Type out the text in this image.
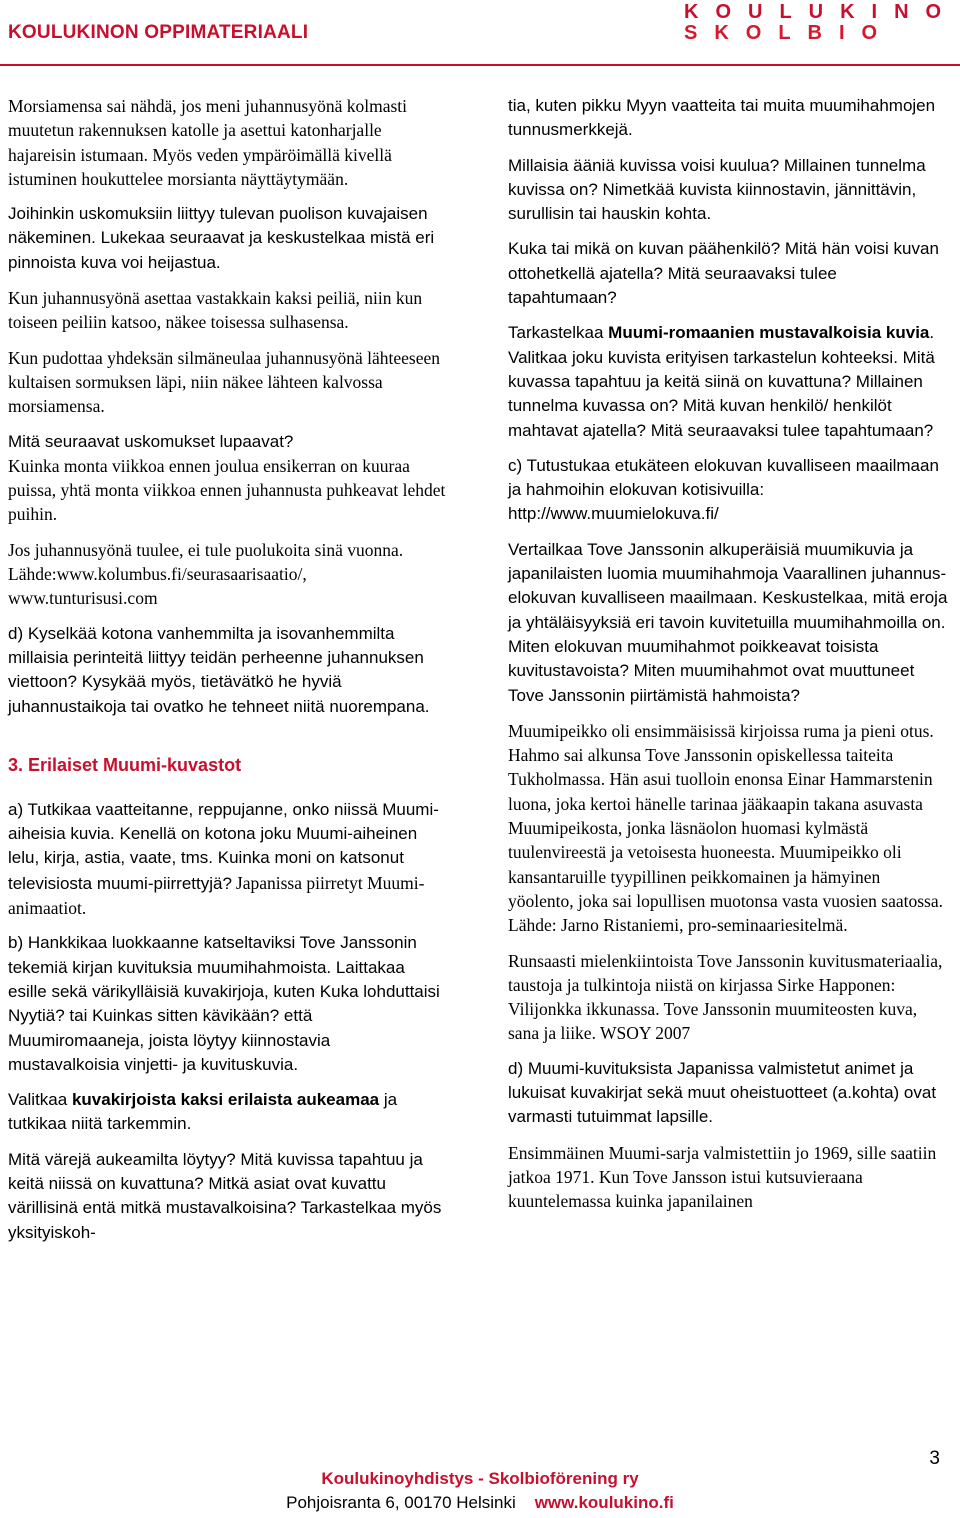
KOULUKINON OPPIMATERIAALI
KOULUKINO
SKOLBIO

Morsiamensa sai nähdä, jos meni juhannusyönä kolmasti muutetun rakennuksen katolle ja asettui katonharjalle hajareisin istumaan. Myös veden ympäröimällä kivellä istuminen houkuttelee morsianta näyttäytymään.

Joihinkin uskomuksiin liittyy tulevan puolison kuvajaisen näkeminen. Lukekaa seuraavat ja keskustelkaa mistä eri pinnoista kuva voi heijastua.

Kun juhannusyönä asettaa vastakkain kaksi peiliä, niin kun toiseen peiliin katsoo, näkee toisessa sulhasensa.

Kun pudottaa yhdeksän silmäneulaa juhannusyönä lähteeseen kultaisen sormuksen läpi, niin näkee lähteen kalvossa morsiamensa.

Mitä seuraavat uskomukset lupaavat?

Kuinka monta viikkoa ennen joulua ensikerran on kuuraa puissa, yhtä monta viikkoa ennen juhannusta puhkeavat lehdet puihin.

Jos juhannusyönä tuulee, ei tule puolukoita sinä vuonna.

Lähde:www.kolumbus.fi/seurasaarisaatio/, www.tunturisusi.com

d) Kyselkää kotona vanhemmilta ja isovanhemmilta millaisia perinteitä liittyy teidän perheenne juhannuksen viettoon? Kysykää myös, tietävätkö he hyviä juhannustaikoja tai ovatko he tehneet niitä nuorempana.

3. Erilaiset Muumi-kuvastot

a) Tutkikaa vaatteitanne, reppujanne, onko niissä Muumi-aiheisia kuvia. Kenellä on kotona joku Muumi-aiheinen lelu, kirja, astia, vaate, tms. Kuinka moni on katsonut televisiosta muumi-piirrettyjä? Japanissa piirretyt Muumi-animaatiot.

b) Hankkikaa luokkaanne katseltaviksi Tove Janssonin tekemiä kirjan kuvituksia muumihahmoista. Laittakaa esille sekä värikylläisiä kuvakirjoja, kuten Kuka lohduttaisi Nyytiä? tai Kuinkas sitten kävikään? että Muumiromaaneja, joista löytyy kiinnostavia mustavalkoisia vinjetti- ja kuvituskuvia.

Valitkaa kuvakirjoista kaksi erilaista aukeamaa ja tutkikaa niitä tarkemmin.

Mitä värejä aukeamilta löytyy? Mitä kuvissa tapahtuu ja keitä niissä on kuvattuna? Mitkä asiat ovat kuvattu värillisinä entä mitkä mustavalkoisina? Tarkastelkaa myös yksityiskoh-

tia, kuten pikku Myyn vaatteita tai muita muumihahmojen tunnusmerkkejä.

Millaisia ääniä kuvissa voisi kuulua? Millainen tunnelma kuvissa on? Nimetkää kuvista kiinnostavin, jännittävin, surullisin tai hauskin kohta.

Kuka tai mikä on kuvan päähenkilö? Mitä hän voisi kuvan ottohetkellä ajatella? Mitä seuraavaksi tulee tapahtumaan?

Tarkastelkaa Muumi-romaanien mustavalkoisia kuvia. Valitkaa joku kuvista erityisen tarkastelun kohteeksi. Mitä kuvassa tapahtuu ja keitä siinä on kuvattuna? Millainen tunnelma kuvassa on? Mitä kuvan henkilö/ henkilöt mahtavat ajatella? Mitä seuraavaksi tulee tapahtumaan?

c) Tutustukaa etukäteen elokuvan kuvalliseen maailmaan ja hahmoihin elokuvan kotisivuilla: http://www.muumielokuva.fi/

Vertailkaa Tove Janssonin alkuperäisiä muumikuvia ja japanilaisten luomia muumihahmoja Vaarallinen juhannus-elokuvan kuvalliseen maailmaan. Keskustelkaa, mitä eroja ja yhtäläisyyksiä eri tavoin kuvitetuilla muumihahmoilla on. Miten elokuvan muumihahmot poikkeavat toisista kuvitustavoista? Miten muumihahmot ovat muuttuneet Tove Janssonin piirtämistä hahmoista?

Muumipeikko oli ensimmäisissä kirjoissa ruma ja pieni otus. Hahmo sai alkunsa Tove Janssonin opiskellessa taiteita Tukholmassa. Hän asui tuolloin enonsa Einar Hammarstenin luona, joka kertoi hänelle tarinaa jääkaapin takana asuvasta Muumipeikosta, jonka läsnäolon huomasi kylmästä tuulenvireestä ja vetoisesta huoneesta. Muumipeikko oli kansantaruille tyypillinen peikkomainen ja hämyinen yöolento, joka sai lopullisen muotonsa vasta vuosien saatossa.

Lähde: Jarno Ristaniemi, pro-seminaariesitelmä.

Runsaasti mielenkiintoista Tove Janssonin kuvitusmateriaalia, taustoja ja tulkintoja niistä on kirjassa Sirke Happonen: Vilijonkka ikkunassa. Tove Janssonin muumiteosten kuva, sana ja liike. WSOY 2007

d) Muumi-kuvituksista Japanissa valmistetut animet ja lukuisat kuvakirjat sekä muut oheistuotteet (a.kohta) ovat varmasti tutuimmat lapsille.

Ensimmäinen Muumi-sarja valmistettiin jo 1969, sille saatiin jatkoa 1971. Kun Tove Jansson istui kutsuvieraana kuuntelemassa kuinka japanilainen

3
Koulukinoyhdistys - Skolbioförening ry
Pohjoisranta 6, 00170 Helsinki www.koulukino.fi
